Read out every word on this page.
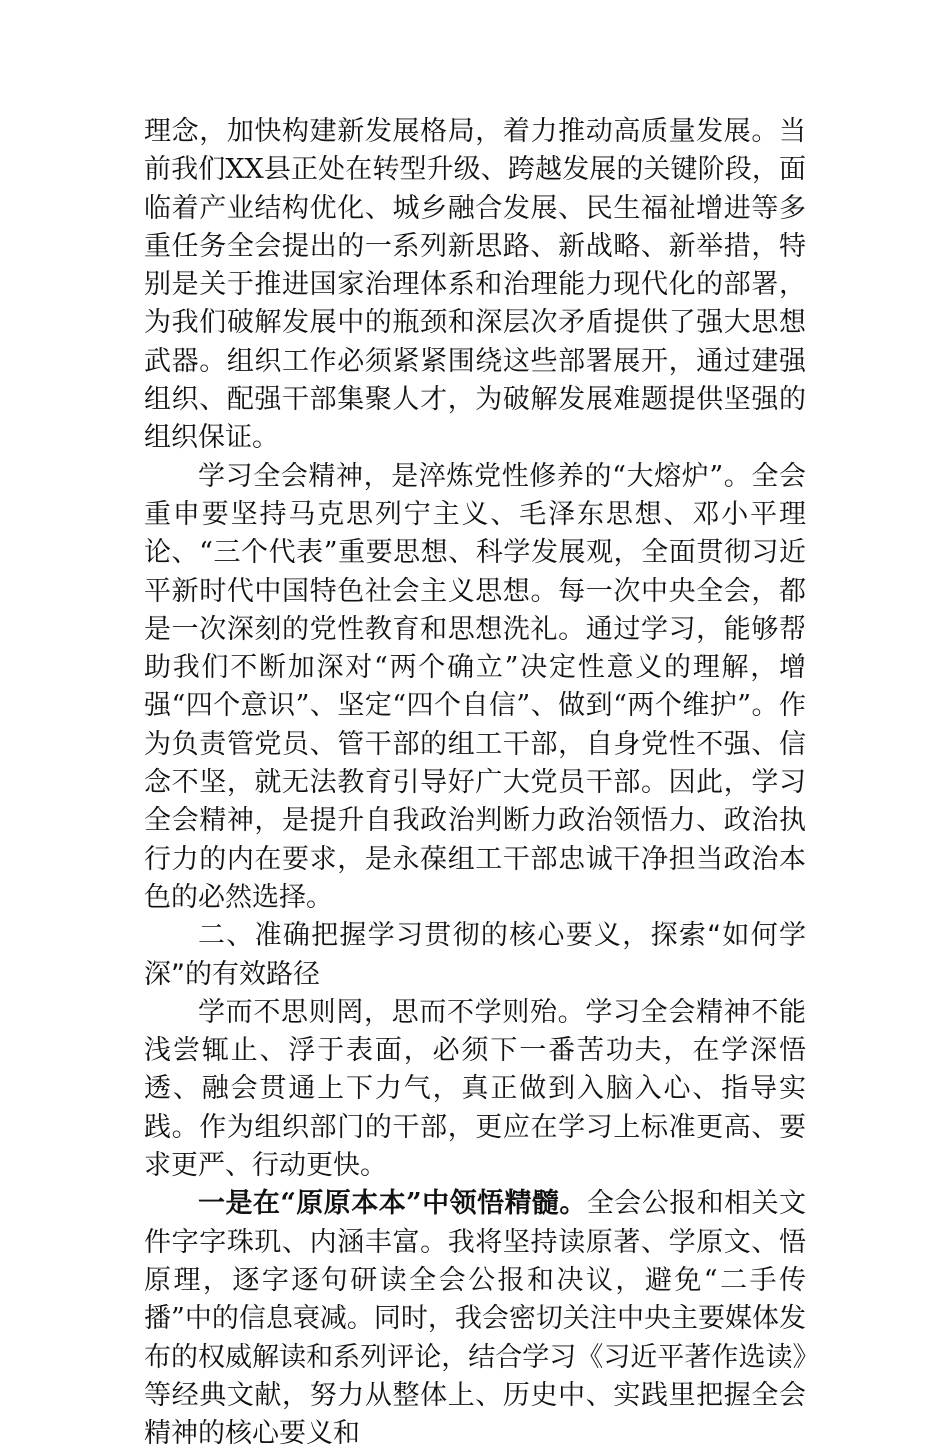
理念，加快构建新发展格局，着力推动高质量发展。当前我们XX县正处在转型升级、跨越发展的关键阶段，面临着产业结构优化、城乡融合发展、民生福祉增进等多重任务全会提出的一系列新思路、新战略、新举措，特别是关于推进国家治理体系和治理能力现代化的部署，为我们破解发展中的瓶颈和深层次矛盾提供了强大思想武器。组织工作必须紧紧围绕这些部署展开，通过建强组织、配强干部集聚人才，为破解发展难题提供坚强的组织保证。

学习全会精神，是淬炼党性修养的“大熔炉”。全会重申要坚持马克思列宁主义、毛泽东思想、邓小平理论、“三个代表”重要思想、科学发展观，全面贯彻习近平新时代中国特色社会主义思想。每一次中央全会，都是一次深刻的党性教育和思想洗礼。通过学习，能够帮助我们不断加深对“两个确立”决定性意义的理解，增强“四个意识”、坚定“四个自信”、做到“两个维护”。作为负责管党员、管干部的组工干部，自身党性不强、信念不坚，就无法教育引导好广大党员干部。因此，学习全会精神，是提升自我政治判断力政治领悟力、政治执行力的内在要求，是永葆组工干部忠诚干净担当政治本色的必然选择。

二、准确把握学习贯彻的核心要义，探索“如何学深”的有效路径

学而不思则罔，思而不学则殆。学习全会精神不能浅尝辄止、浮于表面，必须下一番苦功夫，在学深悟透、融会贯通上下力气，真正做到入脑入心、指导实践。作为组织部门的干部，更应在学习上标准更高、要求更严、行动更快。

一是在“原原本本”中领悟精髓。全会公报和相关文件字字珠玑、内涵丰富。我将坚持读原著、学原文、悟原理，逐字逐句研读全会公报和决议，避免“二手传播”中的信息衰减。同时，我会密切关注中央主要媒体发布的权威解读和系列评论，结合学习《习近平著作选读》等经典文献，努力从整体上、历史中、实践里把握全会精神的核心要义和
